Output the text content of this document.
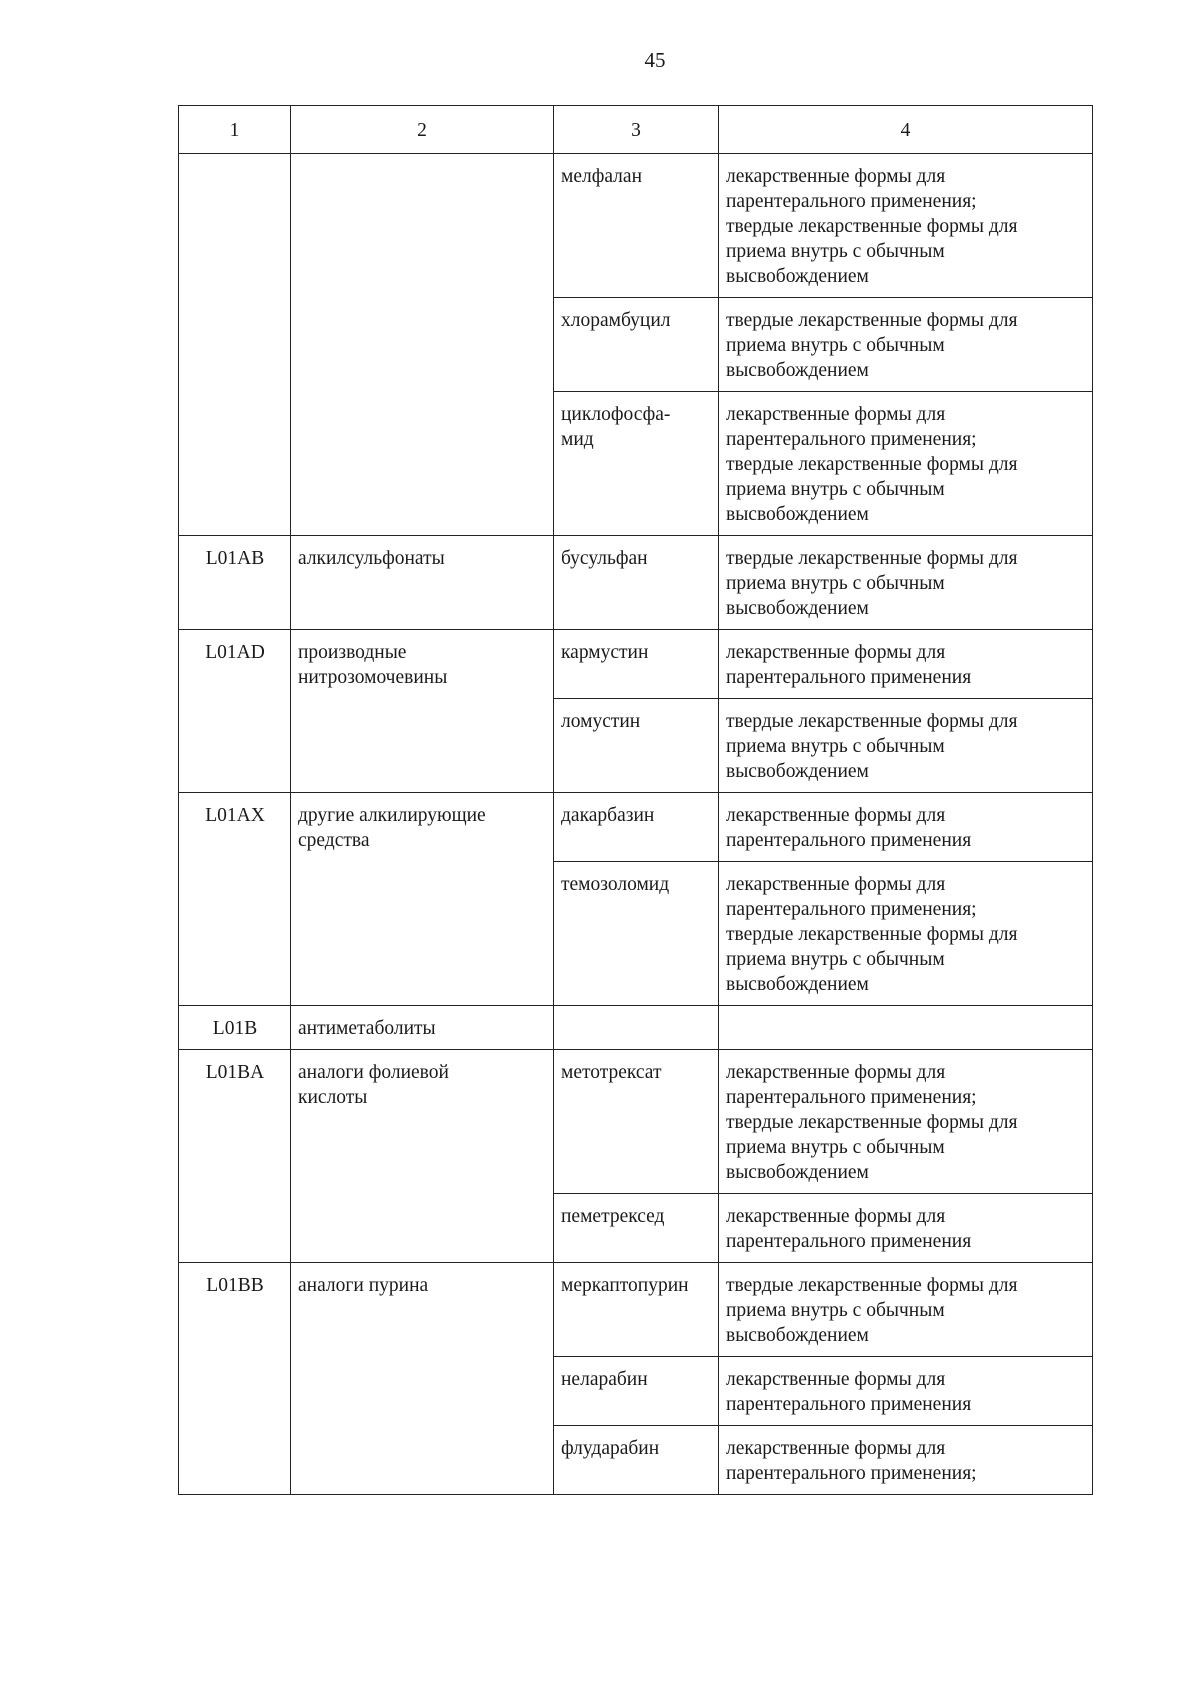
45
1	2	3	4
		мелфалан	лекарственные формы для
парентерального применения;
твердые лекарственные формы для
приема внутрь с обычным
высвобождением

		хлорамбуцил	твердые лекарственные формы для
приема внутрь с обычным
высвобождением

		циклофосфа-
мид	лекарственные формы для
парентерального применения;
твердые лекарственные формы для
приема внутрь с обычным
высвобождением

L01AB	алкилсульфонаты	бусульфан	твердые лекарственные формы для
приема внутрь с обычным
высвобождением

L01AD	производные
нитрозомочевины	кармустин	лекарственные формы для
парентерального применения

		ломустин	твердые лекарственные формы для
приема внутрь с обычным
высвобождением

L01AX	другие алкилирующие
средства	дакарбазин	лекарственные формы для
парентерального применения

		темозоломид	лекарственные формы для
парентерального применения;
твердые лекарственные формы для
приема внутрь с обычным
высвобождением

L01B	антиметаболиты		
L01BA	аналоги фолиевой
кислоты	метотрексат	лекарственные формы для
парентерального применения;
твердые лекарственные формы для
приема внутрь с обычным
высвобождением

		пеметрексед	лекарственные формы для
парентерального применения

L01BB	аналоги пурина	меркаптопурин	твердые лекарственные формы для
приема внутрь с обычным
высвобождением

		неларабин	лекарственные формы для
парентерального применения

		флударабин	лекарственные формы для
парентерального применения;
